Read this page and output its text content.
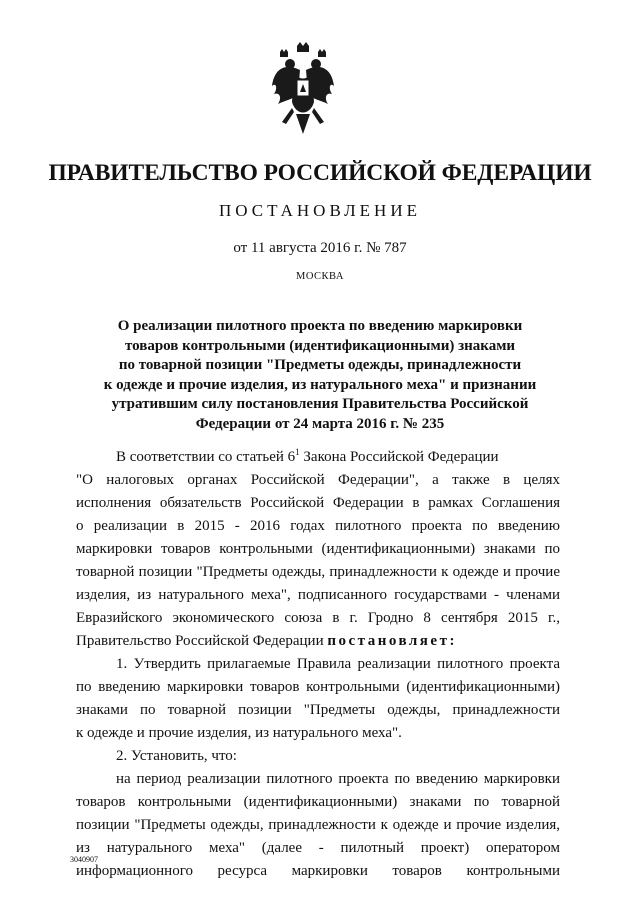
ПРАВИТЕЛЬСТВО РОССИЙСКОЙ ФЕДЕРАЦИИ
ПОСТАНОВЛЕНИЕ
от 11 августа 2016 г. № 787
МОСКВА
О реализации пилотного проекта по введению маркировки
товаров контрольными (идентификационными) знаками
по товарной позиции "Предметы одежды, принадлежности
к одежде и прочие изделия, из натурального меха" и признании
утратившим силу постановления Правительства Российской
Федерации от 24 марта 2016 г. № 235
В соответствии со статьей $6^1$ Закона Российской Федерации
"О налоговых органах Российской Федерации", а также в целях
исполнения обязательств Российской Федерации в рамках Соглашения
о реализации в 2015 - 2016 годах пилотного проекта по введению
маркировки товаров контрольными (идентификационными) знаками по
товарной позиции "Предметы одежды, принадлежности к одежде и прочие
изделия, из натурального меха", подписанного государствами - членами
Евразийского экономического союза в г. Гродно 8 сентября 2015 г.,
Правительство Российской Федерации постановляет:
1. Утвердить прилагаемые Правила реализации пилотного проекта
по введению маркировки товаров контрольными (идентификационными)
знаками по товарной позиции "Предметы одежды, принадлежности
к одежде и прочие изделия, из натурального меха".
2. Установить, что:
на период реализации пилотного проекта по введению маркировки
товаров контрольными (идентификационными) знаками по товарной
позиции "Предметы одежды, принадлежности к одежде и прочие изделия,
из натурального меха" (далее - пилотный проект) оператором
информационного ресурса маркировки товаров контрольными
3040907
